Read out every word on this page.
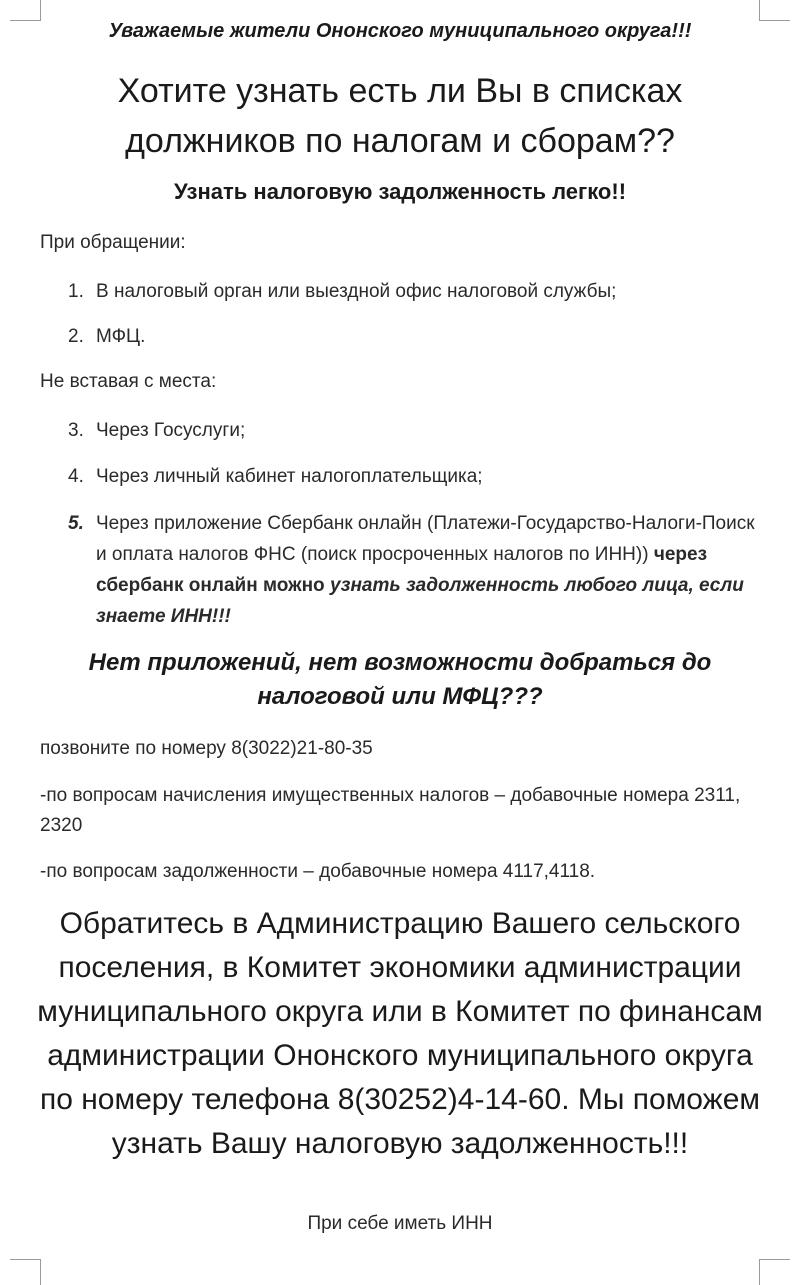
Уважаемые жители Ононского муниципального округа!!!
Хотите узнать есть ли Вы в списках должников по налогам и сборам??
Узнать налоговую задолженность легко!!
При обращении:
1. В налоговый орган или выездной офис налоговой службы;
2. МФЦ.
Не вставая с места:
3. Через Госуслуги;
4. Через личный кабинет налогоплательщика;
5. Через приложение Сбербанк онлайн (Платежи-Государство-Налоги-Поиск и оплата налогов ФНС (поиск просроченных налогов по ИНН)) через сбербанк онлайн можно узнать задолженность любого лица, если знаете ИНН!!!
Нет приложений, нет возможности добраться до налоговой или МФЦ???
позвоните по номеру 8(3022)21-80-35
-по вопросам начисления имущественных налогов – добавочные номера 2311, 2320
-по вопросам задолженности – добавочные номера 4117,4118.
Обратитесь в Администрацию Вашего сельского поселения, в Комитет экономики администрации муниципального округа или в Комитет по финансам администрации Ононского муниципального округа по номеру телефона 8(30252)4-14-60. Мы поможем узнать Вашу налоговую задолженность!!!
При себе иметь ИНН
